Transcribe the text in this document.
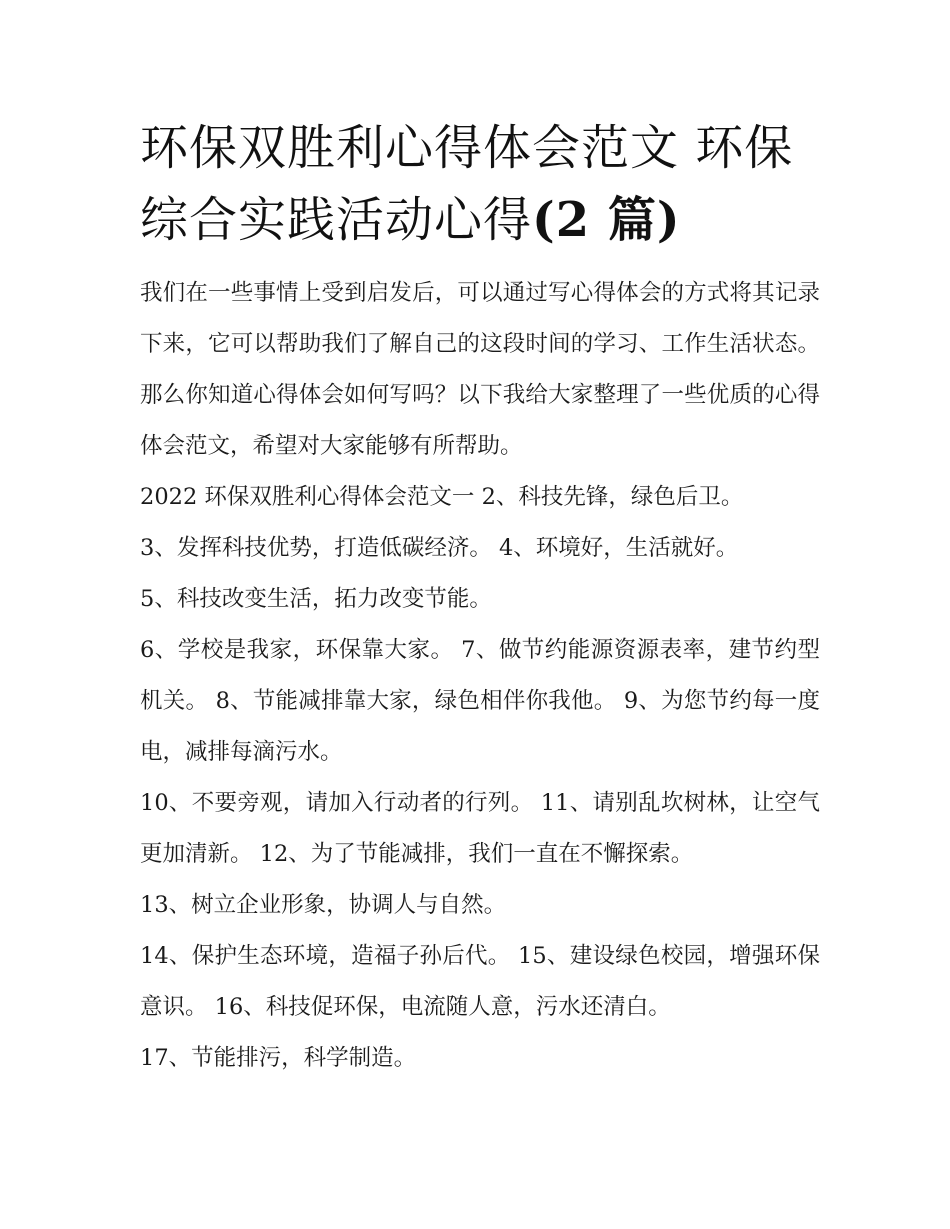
环保双胜利心得体会范文 环保综合实践活动心得(2 篇)

我们在一些事情上受到启发后，可以通过写心得体会的方式将其记录下来，它可以帮助我们了解自己的这段时间的学习、工作生活状态。那么你知道心得体会如何写吗？以下我给大家整理了一些优质的心得体会范文，希望对大家能够有所帮助。

2022 环保双胜利心得体会范文一 2、科技先锋，绿色后卫。

3、发挥科技优势，打造低碳经济。 4、环境好，生活就好。

5、科技改变生活，拓力改变节能。

6、学校是我家，环保靠大家。 7、做节约能源资源表率，建节约型机关。 8、节能减排靠大家，绿色相伴你我他。 9、为您节约每一度电，减排每滴污水。

10、不要旁观，请加入行动者的行列。 11、请别乱坎树林，让空气更加清新。 12、为了节能减排，我们一直在不懈探索。

13、树立企业形象，协调人与自然。

14、保护生态环境，造福子孙后代。 15、建设绿色校园，增强环保意识。 16、科技促环保，电流随人意，污水还清白。

17、节能排污，科学制造。
